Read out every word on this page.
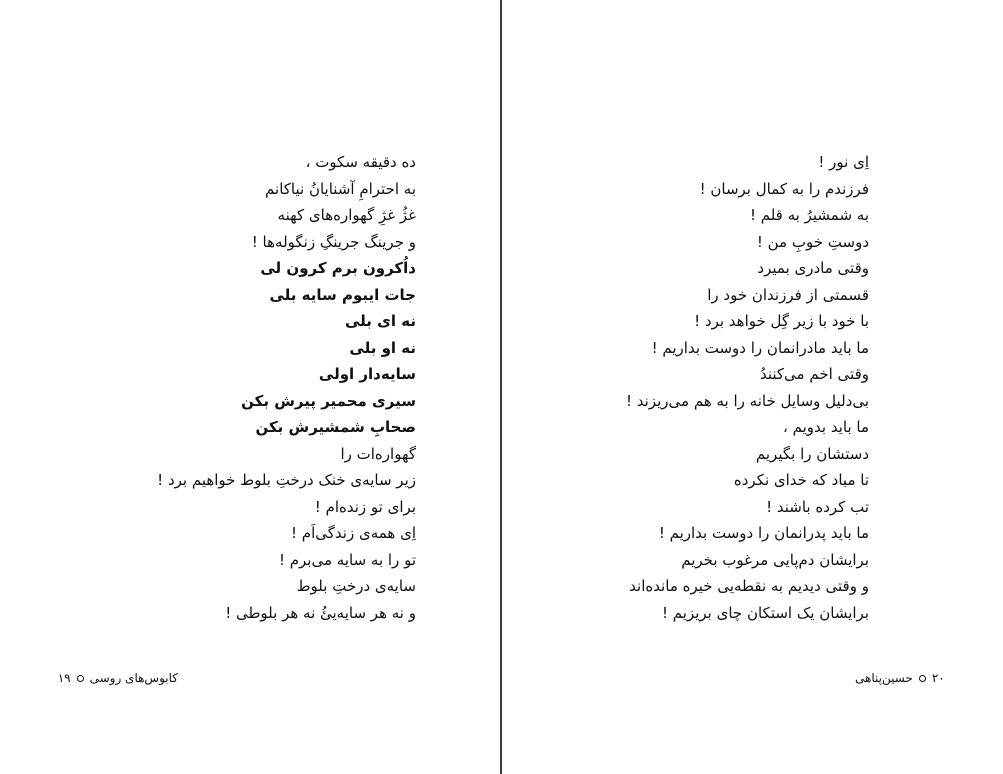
ده دقیقه سکوت ،
به احترامِ آشنایانُ نیاکانم
غژُ غژِ گهواره‌های کهنه
و جرینگ جرینگِ زنگوله‌ها !
دا‌ُکرون برم کرون لی
جات ایبوم سایه بلی
نه ای بلی
نه او بلی
سایه‌دار اولی
سیری محمیر پیرش بکن
صحابِ شمشیرش بکن
گهواره‌ات را
زیر سایه‌ی خنک درختِ بلوط خواهیم برد !
برای تو زنده‌ام !
اِی همه‌ی زندگی‌اَم !
تو را به سایه می‌برم !
سایه‌ی درختِ بلوط
و نه هر سایه‌یئُ نه هر بلوطی !
اِی نور !
فرزندم را به کمال برسان !
به شمشیرُ به قلم !
دوستِ خوبِ من !
وقتی مادری بمیرد
قسمتی از فرزندان خود را
با خود با زیر گِل خواهد برد !
ما باید مادرانمان را دوست بداریم !
وقتی اخم می‌کنندُ
بی‌دلیل وسایل خانه را به هم می‌ریزند !
ما باید بدویم ،
دستشان را بگیریم
تا مباد که خدای نکرده
تب کرده باشند !
ما باید پدرانمان را دوست بداریم !
برایشان دم‌پایی مرغوب بخریم
و وقتی دیدیم به نقطه‌یی خیره مانده‌اند
برایشان یک استکان چای بریزیم !
کابوس‌های روسی
۱۹	۲۰
حسین‌پناهی
